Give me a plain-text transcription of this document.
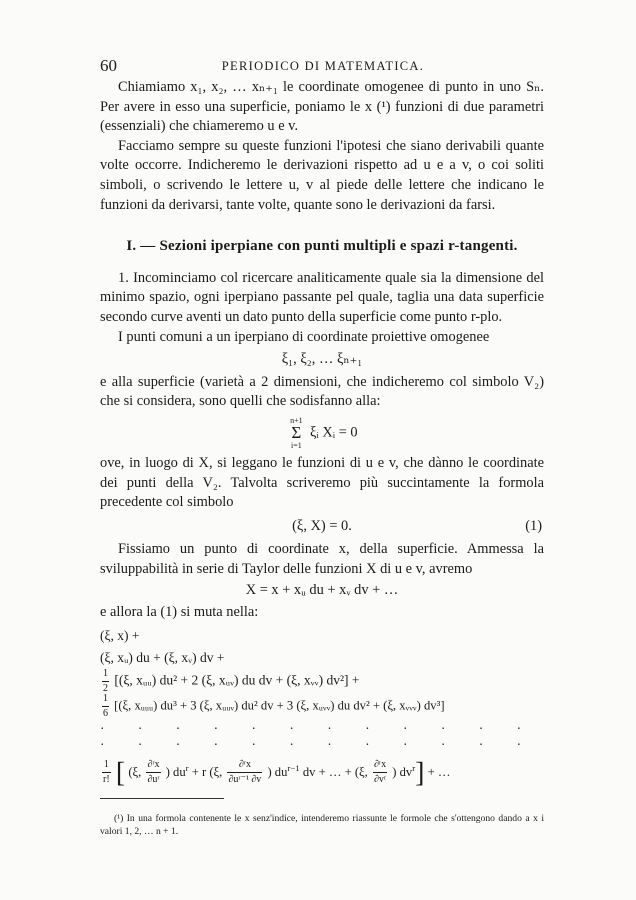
60	PERIODICO DI MATEMATICA.

Chiamiamo x₁, x₂, … xₙ₊₁ le coordinate omogenee di punto in uno Sₙ. Per avere in esso una superficie, poniamo le x (¹) funzioni di due parametri (essenziali) che chiameremo u e v.

Facciamo sempre su queste funzioni l'ipotesi che siano derivabili quante volte occorre. Indicheremo le derivazioni rispetto ad u e a v, o coi soliti simboli, o scrivendo le lettere u, v al piede delle lettere che indicano le funzioni da derivarsi, tante volte, quante sono le derivazioni da farsi.

I. — Sezioni iperpiane con punti multipli e spazi r-tangenti.

1. Incominciamo col ricercare analiticamente quale sia la dimensione del minimo spazio, ogni iperpiano passante pel quale, taglia una data superficie secondo curve aventi un dato punto della superficie come punto r-plo.

I punti comuni a un iperpiano di coordinate proiettive omogenee

ξ₁, ξ₂, … ξₙ₊₁

e alla superficie (varietà a 2 dimensioni, che indicheremo col simbolo V₂) che si considera, sono quelli che sodisfanno alla:

n+1
Σ
i=1
ξᵢ Xᵢ = 0

ove, in luogo di X, si leggano le funzioni di u e v, che dànno le coordinate dei punti della V₂. Talvolta scriveremo più succintamente la formola precedente col simbolo

(ξ, X) = 0.	(1)

Fissiamo un punto di coordinate x, della superficie. Ammessa la sviluppabilità in serie di Taylor delle funzioni X di u e v, avremo

X = x + xᵤ du + xᵥ dv + …

e allora la (1) si muta nella:

(ξ, x) +
(ξ, xᵤ) du + (ξ, xᵥ) dv +
$\frac{1}{2} [(\xi$, xᵤᵤ) du² + 2 (ξ, xᵤᵥ) du dv + (ξ, xᵥᵥ) dv²] +
$\frac{1}{6} [(\xi$, xᵤᵤᵤ) du³ + 3 (ξ, xᵤᵤᵥ) du² dv + 3 (ξ, xᵤᵥᵥ) du dv² + (ξ, xᵥᵥᵥ) dv³]
· · · · · · · · · · · · · · · · · · · · · · · ·
$\frac{1}{r!}$ [ (ξ, $\frac{\text{∂ʳx}}{\text{∂uʳ}}$ ) $du^r + r$ (ξ, $\frac{\text{∂ʳx}}{\text{∂uʳ⁻¹ ∂v}}$ ) $du^{r-1}$ dv + … + (ξ, $\frac{\text{∂ʳx}}{\text{∂vʳ}}$ ) $dv^r$] + …

(¹) In una formola contenente le x senz'indice, intenderemo riassunte le formole che s'ottengono dando a x i valori 1, 2, … n + 1.
